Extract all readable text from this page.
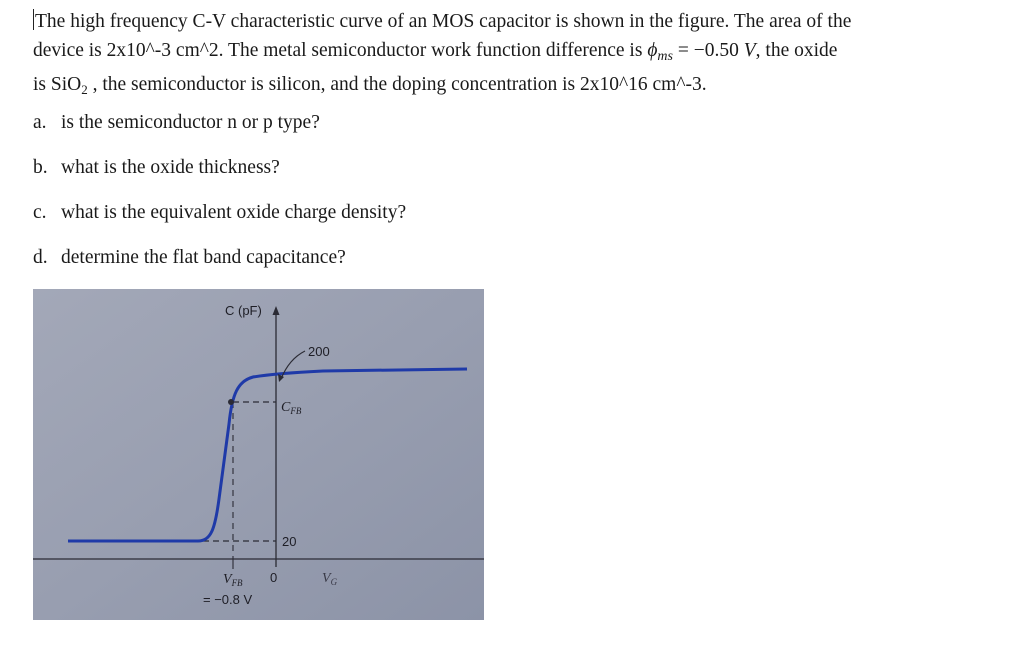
The high frequency C-V characteristic curve of an MOS capacitor is shown in the figure. The area of the

device is 2x10^-3 cm^2. The metal semiconductor work function difference is $\phi_{ms} = -0.50$ V, the oxide

is SiO$_2$ , the semiconductor is silicon, and the doping concentration is 2x10^16 cm^-3.

a. is the semiconductor n or p type?
b. what is the oxide thickness?
c. what is the equivalent oxide charge density?
d. determine the flat band capacitance?
C (pF)
200
$C_{FB}$
20
$V_{FB}$ 0	$V_G$
= −0.8 V
